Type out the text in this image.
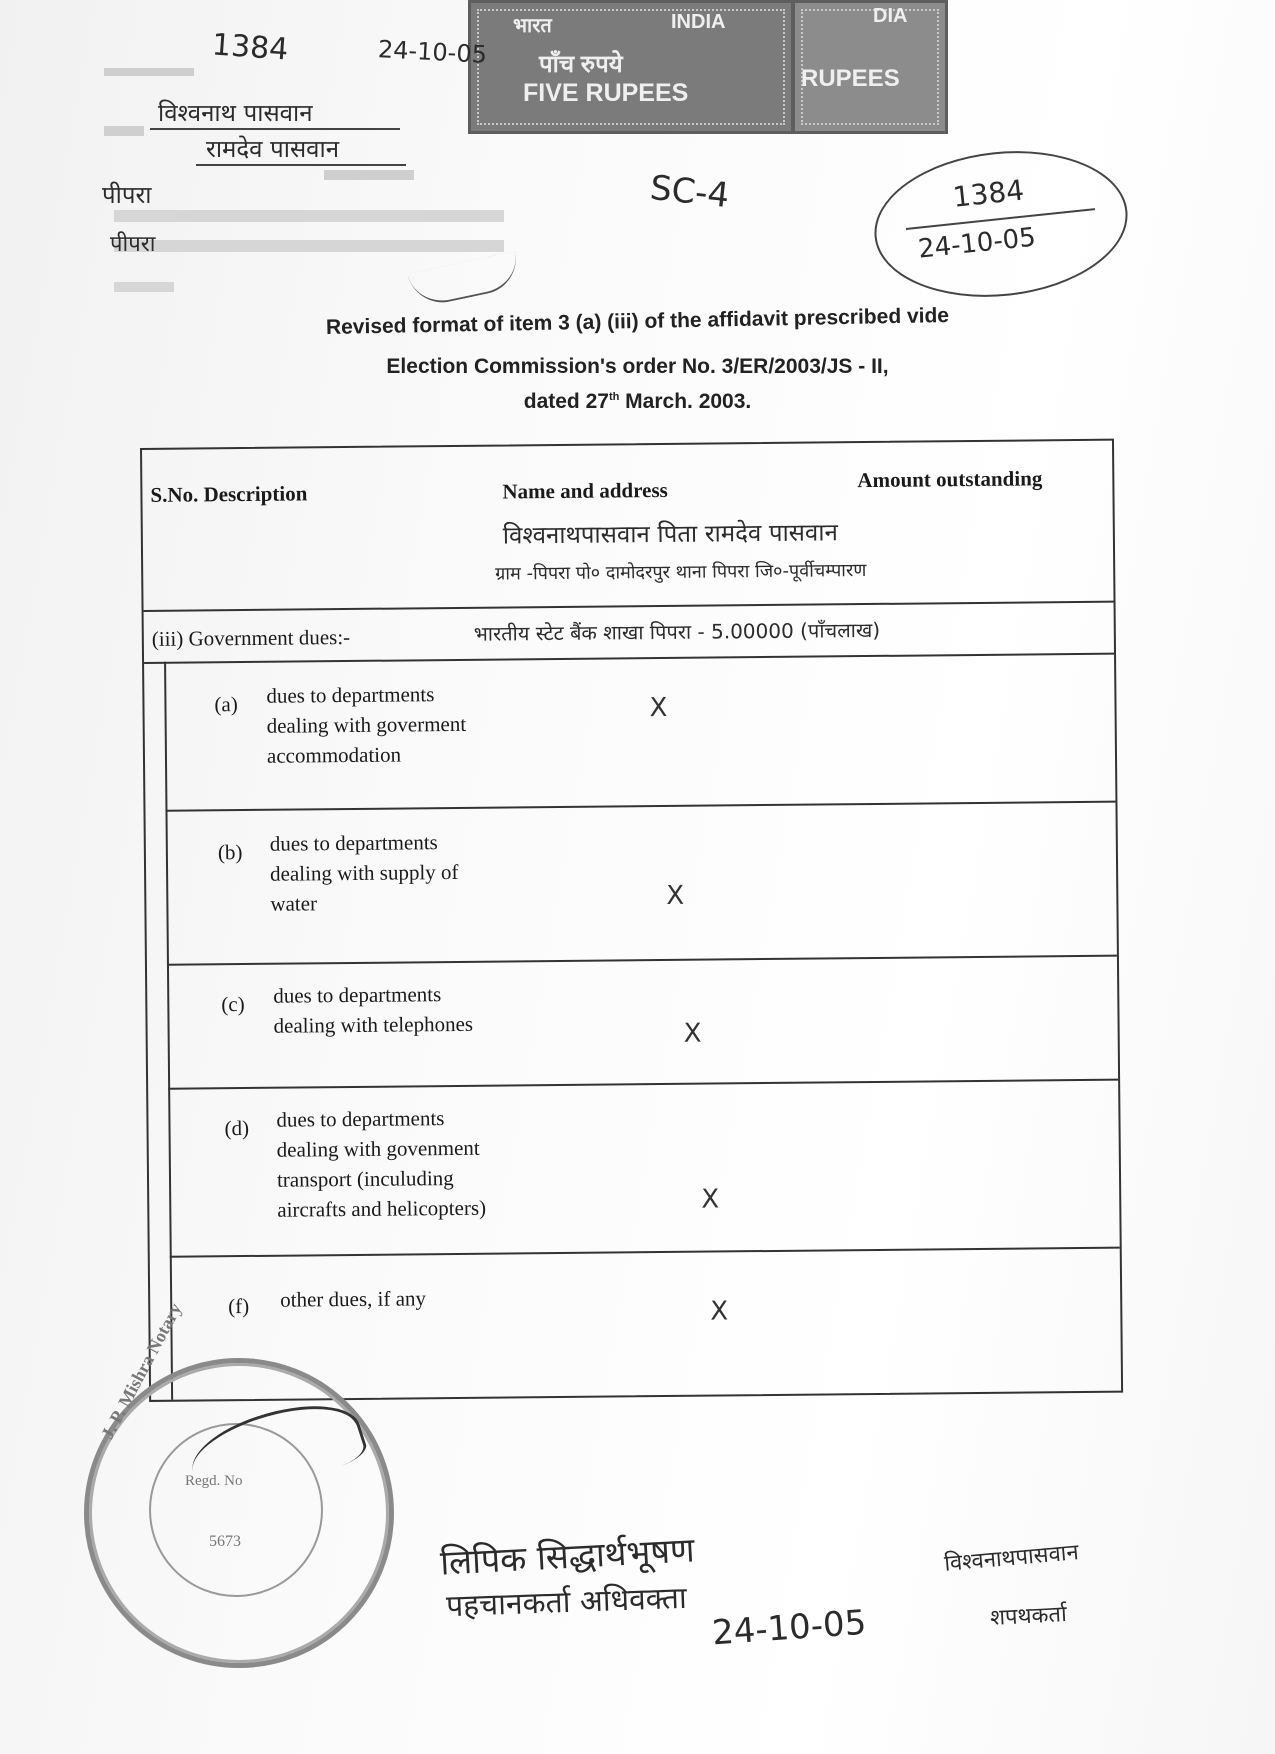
भारत	INDIA
पाँच रुपये
FIVE RUPEES
DIA
RUPEES
1384	24-10-05
विश्वनाथ पासवान
रामदेव पासवान
पीपरा
पीपरा
SC-4	1384
24-10-05
Revised format of item 3 (a) (iii) of the affidavit prescribed vide
Election Commission's order No. 3/ER/2003/JS - II,
dated 27th March. 2003.
S.No. Description	Name and address	Amount outstanding
विश्वनाथपासवान पिता रामदेव पासवान
ग्राम -पिपरा पो० दामोदरपुर थाना पिपरा जि०-पूर्वीचम्पारण
(iii) Government dues:-	भारतीय स्टेट बैंक शाखा पिपरा - 5.00000 (पाँचलाख)
(a) dues to departments
dealing with goverment
accommodation
X
(b) dues to departments
dealing with supply of
water	X
(c) dues to departments
dealing with telephones	X
(d) dues to departments
dealing with govenment
transport (inculuding
aircrafts and helicopters)	X
(f) other dues, if any	X
J. P. Mishra Notary
Regd. No
5673	लिपिक सिद्धार्थभूषण
पहचानकर्ता अधिवक्ता
24-10-05
विश्वनाथपासवान
शपथकर्ता
